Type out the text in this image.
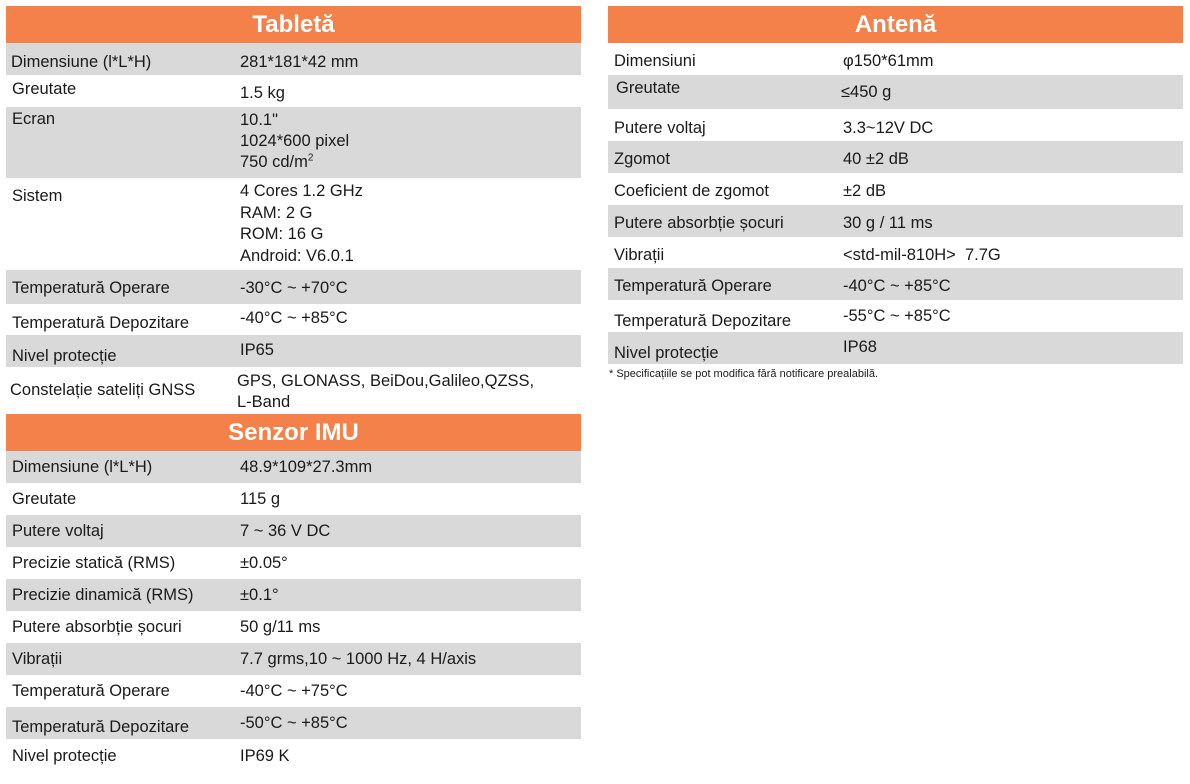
Tabletă
Dimensiune (l*L*H)	281*181*42 mm
Greutate	1.5 kg
Ecran	10.1"
1024*600 pixel
750 $cd/m^2$
Sistem	4 Cores 1.2 GHz
RAM: 2 G
ROM: 16 G
Android: V6.0.1
Temperatură Operare	-30°C ~ +70°C
Temperatură Depozitare	-40°C ~ +85°C
Nivel protecție	IP65
Constelație sateliți GNSS	GPS, GLONASS, BeiDou,Galileo,QZSS,
L-Band
Senzor IMU
Dimensiune (l*L*H)	48.9*109*27.3mm
Greutate	115 g
Putere voltaj	7 ~ 36 V DC
Precizie statică (RMS)	±0.05°
Precizie dinamică (RMS)	±0.1°
Putere absorbție șocuri	50 g/11 ms
Vibrații	7.7 grms,10 ~ 1000 Hz, 4 H/axis
Temperatură Operare	-40°C ~ +75°C
Temperatură Depozitare	-50°C ~ +85°C
Nivel protecție	IP69 K
Antenă
Dimensiuni	φ150*61mm
Greutate	≤450 g
Putere voltaj	3.3~12V DC
Zgomot	40 ±2 dB
Coeficient de zgomot	±2 dB
Putere absorbție șocuri	30 g / 11 ms
Vibrații	<std-mil-810H>  7.7G
Temperatură Operare	-40°C ~ +85°C
Temperatură Depozitare	-55°C ~ +85°C
Nivel protecție	IP68
* Specificațiile se pot modifica fără notificare prealabilă.
